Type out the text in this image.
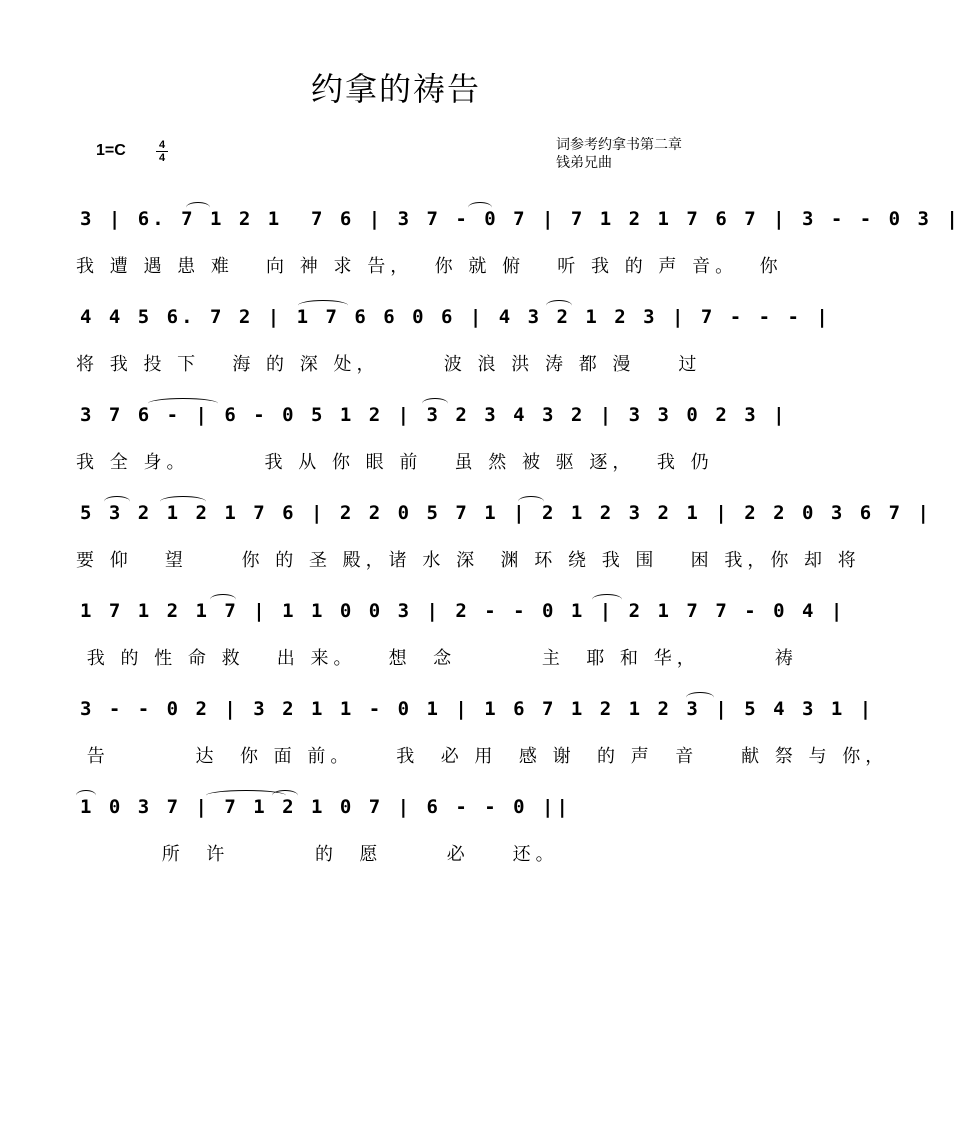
约拿的祷告
1=C	4
4
词参考约拿书第二章
钱弟兄曲
3 | 6. 7 1 2 1  7 6 | 3 7 - 0 7 | 7 1 2 1 7 6 7 | 3 - - 0 3 |
我 遭 遇 患 难   向 神 求 告，  你 就 俯   听 我 的 声 音。  你
4 4 5 6. 7 2 | 1 7 6 6 0 6 | 4 3 2 1 2 3 | 7 - - - |
将 我 投 下   海 的 深 处，      波 浪 洪 涛 都 漫    过
3 7 6 - | 6 - 0 5 1 2 | 3 2 3 4 3 2 | 3 3 0 2 3 |
我 全 身。       我 从 你 眼 前   虽 然 被 驱 逐，  我 仍
5 3 2 1 2 1 7 6 | 2 2 0 5 7 1 | 2 1 2 3 2 1 | 2 2 0 3 6 7 |
要 仰   望     你 的 圣 殿，诸 水 深  渊 环 绕 我 围   困 我，你 却 将
1 7 1 2 1 7 | 1 1 0 0 3 | 2 - - 0 1 | 2 1 7 7 - 0 4 |
我 的 性 命 救   出 来。   想  念        主  耶 和 华，       祷
3 - - 0 2 | 3 2 1 1 - 0 1 | 1 6 7 1 2 1 2 3 | 5 4 3 1 |
告        达  你 面 前。    我  必 用  感 谢  的 声  音    献 祭 与 你，
1 0 3 7 | 7 1 2 1 0 7 | 6 - - 0 ||
所  许        的  愿      必    还。
